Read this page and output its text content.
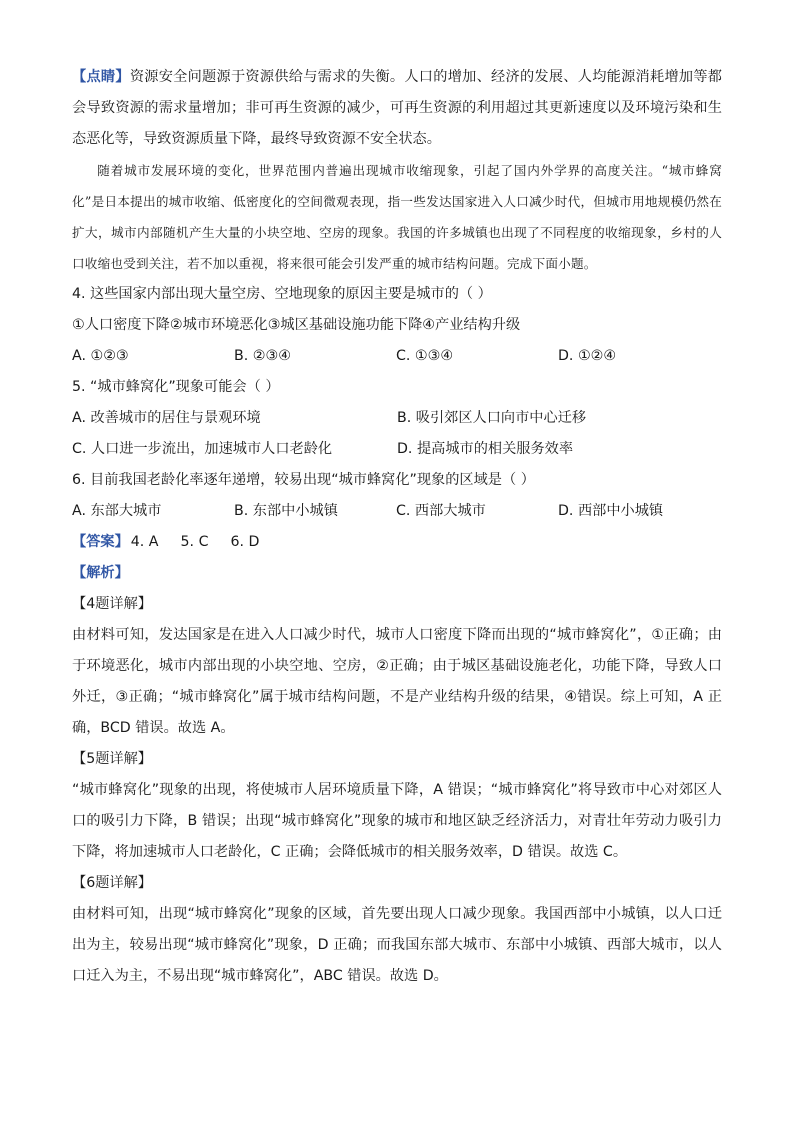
【点睛】资源安全问题源于资源供给与需求的失衡。人口的增加、经济的发展、人均能源消耗增加等都会导致资源的需求量增加；非可再生资源的减少，可再生资源的利用超过其更新速度以及环境污染和生态恶化等，导致资源质量下降，最终导致资源不安全状态。

随着城市发展环境的变化，世界范围内普遍出现城市收缩现象，引起了国内外学界的高度关注。“城市蜂窝化”是日本提出的城市收缩、低密度化的空间微观表现，指一些发达国家进入人口减少时代，但城市用地规模仍然在扩大，城市内部随机产生大量的小块空地、空房的现象。我国的许多城镇也出现了不同程度的收缩现象，乡村的人口收缩也受到关注，若不加以重视，将来很可能会引发严重的城市结构问题。完成下面小题。

4. 这些国家内部出现大量空房、空地现象的原因主要是城市的（ ）

①人口密度下降②城市环境恶化③城区基础设施功能下降④产业结构升级

A. ①②③	B. ②③④	C. ①③④	D. ①②④

5. “城市蜂窝化”现象可能会（ ）

A. 改善城市的居住与景观环境	B. 吸引郊区人口向市中心迁移
C. 人口进一步流出，加速城市人口老龄化	D. 提高城市的相关服务效率

6. 目前我国老龄化率逐年递增，较易出现“城市蜂窝化”现象的区域是（ ）

A. 东部大城市	B. 东部中小城镇	C. 西部大城市	D. 西部中小城镇
【答案】 4. A 5. C 6. D

【解析】

【4题详解】

由材料可知，发达国家是在进入人口减少时代，城市人口密度下降而出现的“城市蜂窝化”，①正确；由于环境恶化，城市内部出现的小块空地、空房，②正确；由于城区基础设施老化，功能下降，导致人口外迁，③正确；“城市蜂窝化”属于城市结构问题，不是产业结构升级的结果，④错误。综上可知，A 正确，BCD 错误。故选 A。

【5题详解】

“城市蜂窝化”现象的出现，将使城市人居环境质量下降，A 错误；“城市蜂窝化”将导致市中心对郊区人口的吸引力下降，B 错误；出现“城市蜂窝化”现象的城市和地区缺乏经济活力，对青壮年劳动力吸引力下降，将加速城市人口老龄化，C 正确；会降低城市的相关服务效率，D 错误。故选 C。

【6题详解】

由材料可知，出现“城市蜂窝化”现象的区域，首先要出现人口减少现象。我国西部中小城镇，以人口迁出为主，较易出现“城市蜂窝化”现象，D 正确；而我国东部大城市、东部中小城镇、西部大城市，以人口迁入为主，不易出现“城市蜂窝化”，ABC 错误。故选 D。
